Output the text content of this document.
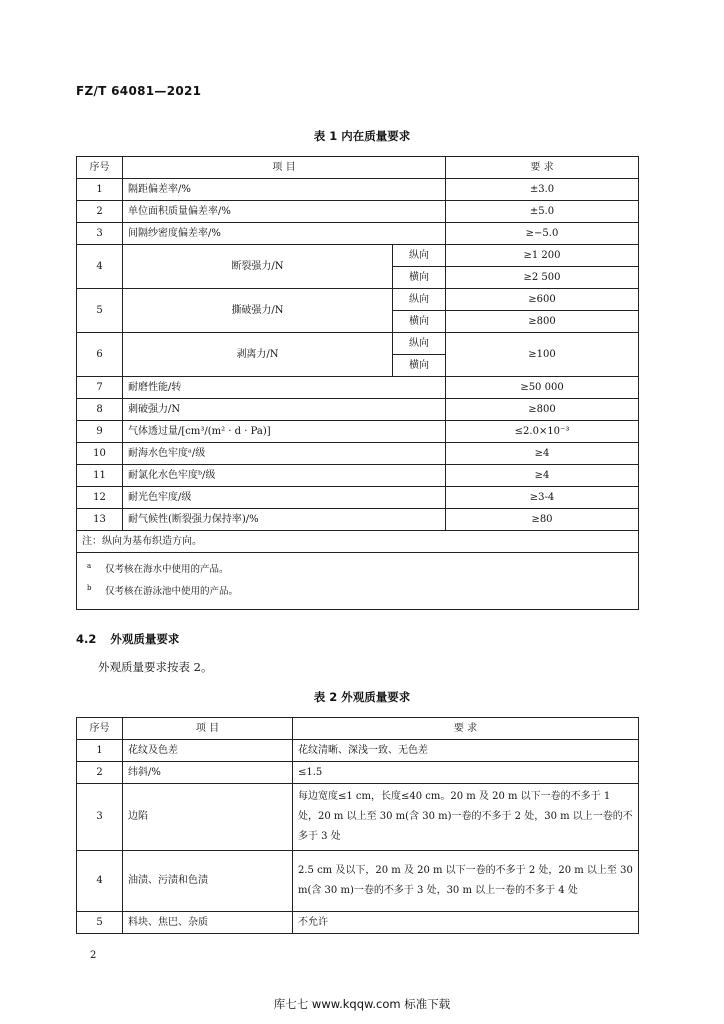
FZ/T 64081—2021
表 1 内在质量要求
序号	项 目		要 求
1	隔距偏差率/%		±3.0
2	单位面积质量偏差率/%		±5.0
3	间隔纱密度偏差率/%		≥−5.0
4	断裂强力/N	纵向	≥1 200
		横向	≥2 500
5	撕破强力/N	纵向	≥600
		横向	≥800
6	剥离力/N	纵向	≥100
		横向	
7	耐磨性能/转		≥50 000
8	刺破强力/N		≥800
9	气体透过量/[cm³/(m² · d · Pa)]		≤2.0×10⁻³
10	耐海水色牢度ᵃ/级		≥4
11	耐氯化水色牢度ᵇ/级		≥4
12	耐光色牢度/级		≥3-4
13	耐气候性(断裂强力保持率)/%		≥80
注：纵向为基布织造方向。			

a 仅考核在海水中使用的产品。
b 仅考核在游泳池中使用的产品。			
4.2 外观质量要求
外观质量要求按表 2。
表 2 外观质量要求
序号	项 目	要 求
1	花纹及色差	花纹清晰、深浅一致、无色差
2	纬斜/%	≤1.5
3	边陷	每边宽度≤1 cm，长度≤40 cm。20 m 及 20 m 以下一卷的不多于 1 处，20 m 以上至 30 m(含 30 m)一卷的不多于 2 处，30 m 以上一卷的不多于 3 处
4	油渍、污渍和色渍	2.5 cm 及以下，20 m 及 20 m 以下一卷的不多于 2 处，20 m 以上至 30 m(含 30 m)一卷的不多于 3 处，30 m 以上一卷的不多于 4 处
5	料块、焦巴、杂质	不允许
2
库七七 www.kqqw.com 标准下载
